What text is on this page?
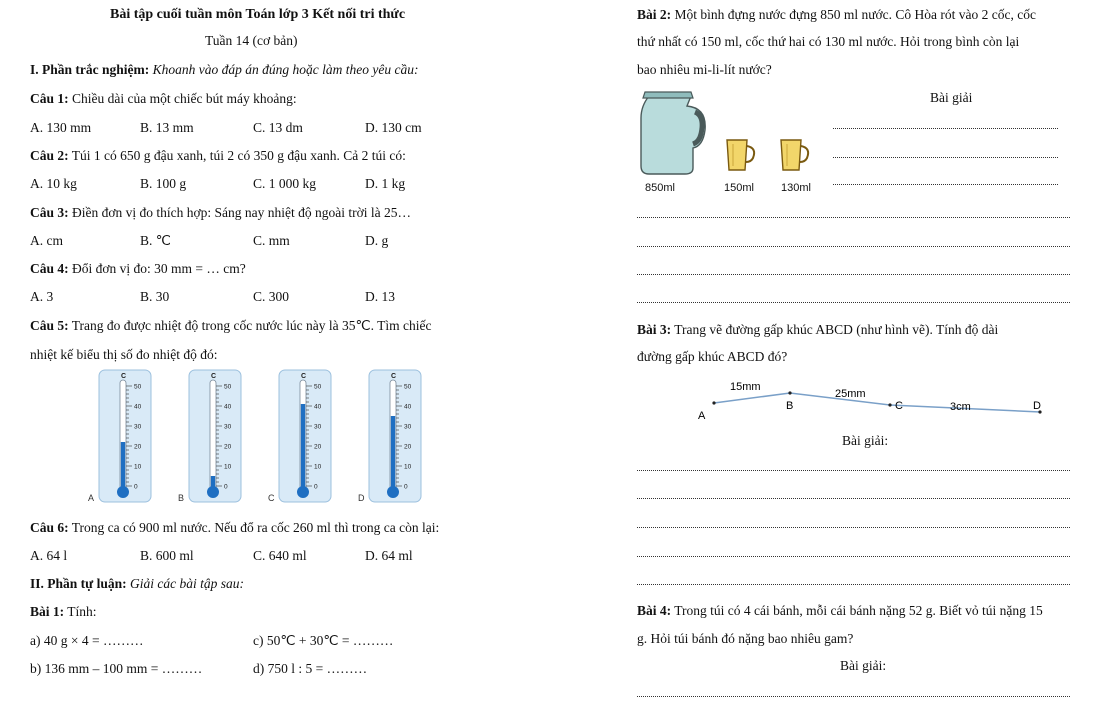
Bài tập cuối tuần môn Toán lớp 3 Kết nối tri thức
Tuần 14 (cơ bản)
I. Phần trắc nghiệm: Khoanh vào đáp án đúng hoặc làm theo yêu cầu:
Câu 1: Chiều dài của một chiếc bút máy khoảng:
A. 130 mm	B. 13 mm	C. 13 dm	D. 130 cm
Câu 2: Túi 1 có 650 g đậu xanh, túi 2 có 350 g đậu xanh. Cả 2 túi có:
A. 10 kg	B. 100 g	C. 1 000 kg	D. 1 kg
Câu 3: Điền đơn vị đo thích hợp: Sáng nay nhiệt độ ngoài trời là 25…
A. cm	B. ℃	C. mm	D. g
Câu 4: Đổi đơn vị đo: 30 mm = … cm?
A. 3	B. 30	C. 300	D. 13
Câu 5: Trang đo được nhiệt độ trong cốc nước lúc này là 35℃. Tìm chiếc
nhiệt kế biểu thị số đo nhiệt độ đó:
50
40
30
20
10
0
C
A
50
40
30
20
10
0
C
B
50
40
30
20
10
0
C
C
50
40
30
20
10
0
C
D
Câu 6: Trong ca có 900 ml nước. Nếu đổ ra cốc 260 ml thì trong ca còn lại:
A. 64 l	B. 600 ml	C. 640 ml	D. 64 ml
II. Phần tự luận: Giải các bài tập sau:
Bài 1: Tính:
a) 40 g × 4 = ………	c) 50℃ + 30℃ = ………
b) 136 mm – 100 mm = ………	d) 750 l : 5 = ………
Bài 2: Một bình đựng nước đựng 850 ml nước. Cô Hòa rót vào 2 cốc, cốc
thứ nhất có 150 ml, cốc thứ hai có 130 ml nước. Hỏi trong bình còn lại
bao nhiêu mi-li-lít nước?
Bài giải
850ml	150ml 130ml
Bài 3: Trang vẽ đường gấp khúc ABCD (như hình vẽ). Tính độ dài
đường gấp khúc ABCD đó?
A
B	C	D
15mm
25mm
3cm
Bài giải:
Bài 4: Trong túi có 4 cái bánh, mỗi cái bánh nặng 52 g. Biết vỏ túi nặng 15
g. Hỏi túi bánh đó nặng bao nhiêu gam?
Bài giải:
